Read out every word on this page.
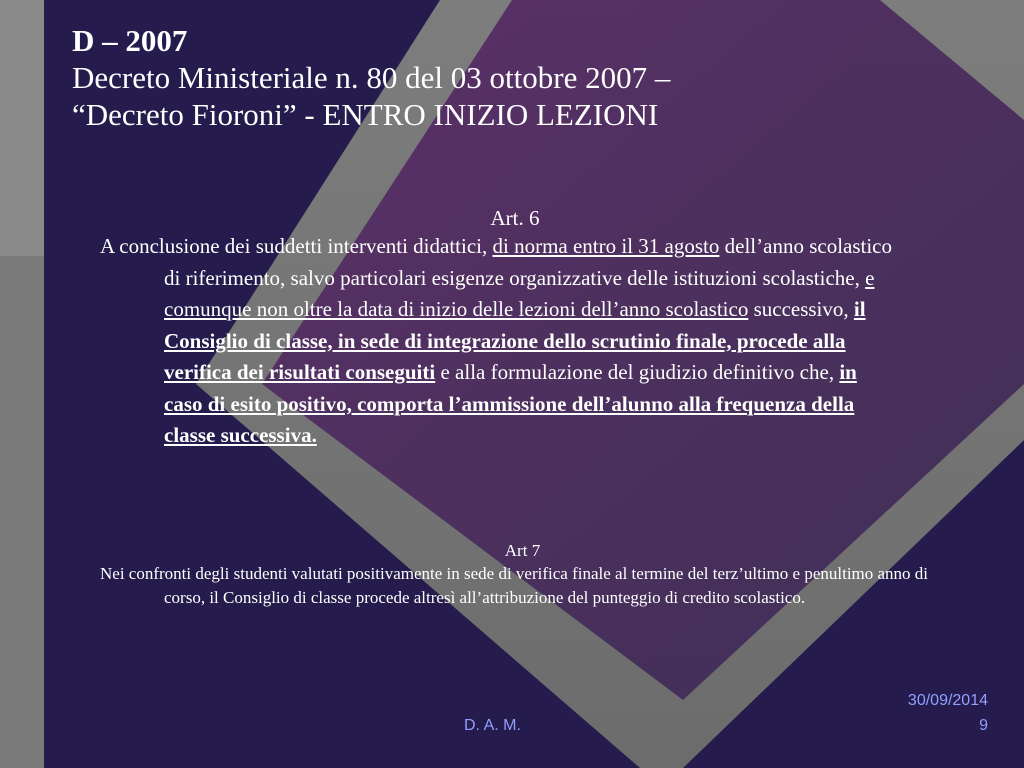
D – 2007

Decreto Ministeriale n. 80 del 03 ottobre 2007 –

“Decreto Fioroni” - ENTRO INIZIO LEZIONI

Art. 6
A conclusione dei suddetti interventi didattici, di norma entro il 31 agosto dell’anno scolastico di riferimento, salvo particolari esigenze organizzative delle istituzioni scolastiche, e comunque non oltre la data di inizio delle lezioni dell’anno scolastico successivo, il Consiglio di classe, in sede di integrazione dello scrutinio finale, procede alla verifica dei risultati conseguiti e alla formulazione del giudizio definitivo che, in caso di esito positivo, comporta l’ammissione dell’alunno alla frequenza della classe successiva.
Art 7
Nei confronti degli studenti valutati positivamente in sede di verifica finale al termine del terz’ultimo e penultimo anno di corso, il Consiglio di classe procede altresì all’attribuzione del punteggio di credito scolastico.
D. A. M.
30/09/2014
9
